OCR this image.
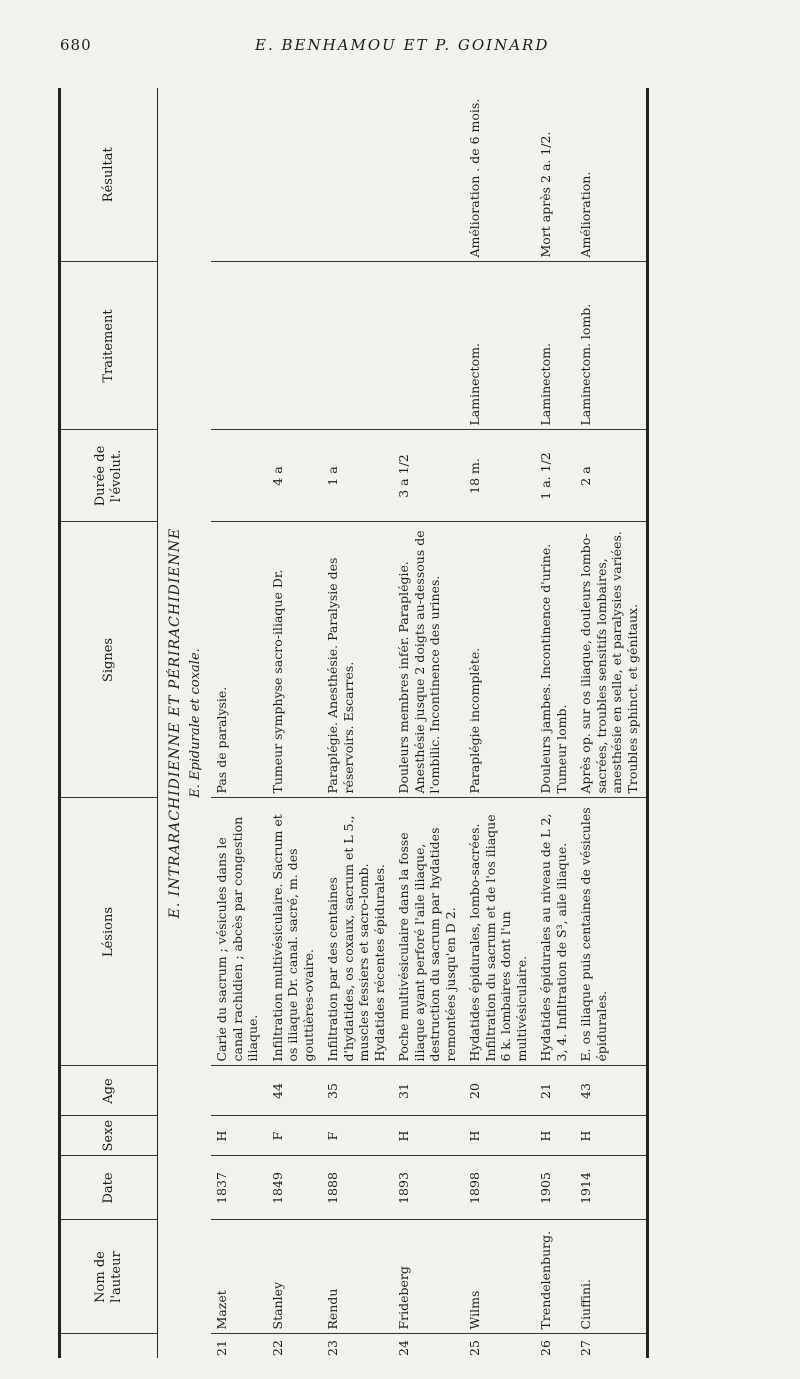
680	E. BENHAMOU ET P. GOINARD
	Nom de l'auteur	Date	Sexe	Age	Lésions	Signes	Durée de l'évolut.	Traitement	Résultat
E. INTRARACHIDIENNE ET PÉRIRACHIDIENNE									
E. Epidurale et coxale.									
21	Mazet	1837	H		Carie du sacrum ; vésicules dans le canal rachidien ; abcès par congestion iliaque.	Pas de paralysie.			
22	Stanley	1849	F	44	Infiltration multivésiculaire. Sacrum et os iliaque Dr. canal. sacré, m. des gouttières-ovaire.	Tumeur symphyse sacro-iliaque Dr.	4 a		
23	Rendu	1888	F	35	Infiltration par des centaines d'hydatides, os coxaux, sacrum et L 5., muscles fessiers et sacro-lomb. Hydatides récentes épidurales.	Paraplégie. Anesthésie. Paralysie des réservoirs. Escarres.	1 a		
24	Frideberg	1893	H	31	Poche multivésiculaire dans la fosse iliaque ayant perforé l'aile iliaque, destruction du sacrum par hydatides remontées jusqu'en D 2.	Douleurs membres infér. Paraplégie. Anesthésie jusque 2 doigts au-dessous de l'ombilic. Incontinence des urines.	3 a 1/2		
25	Wilms	1898	H	20	Hydatides épidurales, lombo-sacrées. Infiltration du sacrum et de l'os iliaque 6 k. lombaires dont l'un multivésiculaire.	Paraplégie incomplète.	18 m.	Laminectom.	Amélioration . de 6 mois.
26	Trendelenburg.	1905	H	21	Hydatides épidurales au niveau de L 2, 3, 4. Infiltration de S³, aile iliaque.	Douleurs jambes. Incontinence d'urine. Tumeur lomb.	1 a. 1/2	Laminectom.	Mort après 2 a. 1/2.
27	Ciuffini.	1914	H	43	E. os iliaque puis centaines de vésicules épidurales.	Après op. sur os iliaque, douleurs lombo-sacrées, troubles sensitifs lombaires, anesthésie en selle, et paralysies variées. Troubles sphinct. et génitaux.	2 a	Laminectom. lomb.	Amélioration.
